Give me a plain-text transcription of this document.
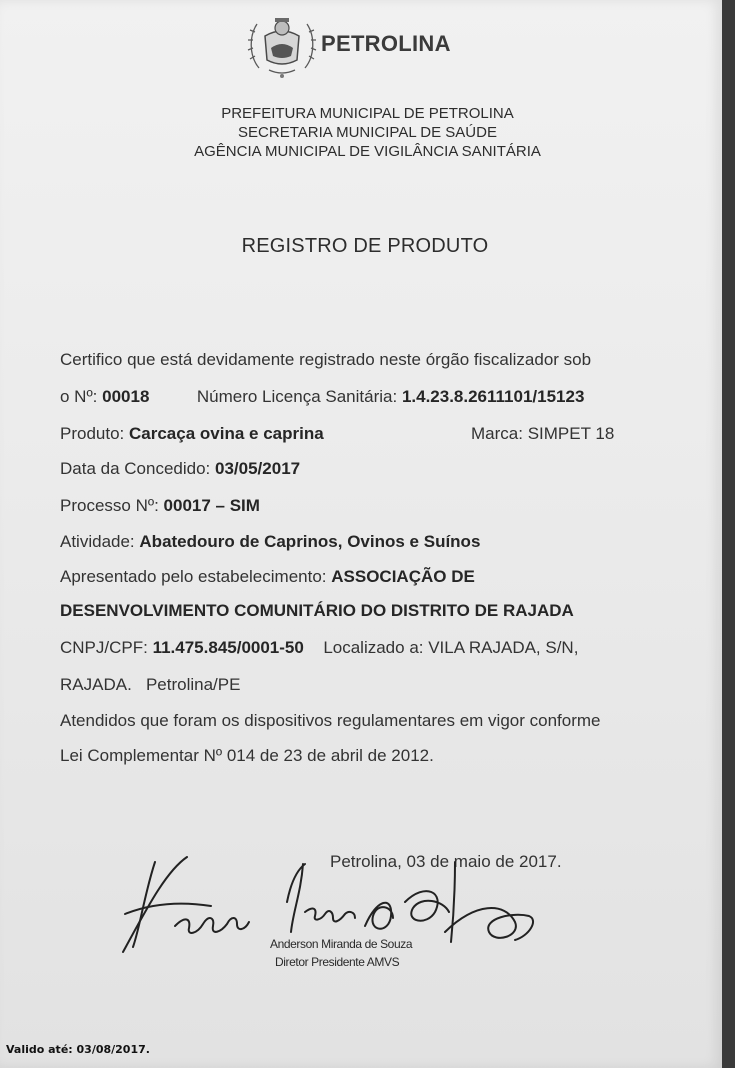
PETROLINA
PREFEITURA MUNICIPAL DE PETROLINA
SECRETARIA MUNICIPAL DE SAÚDE
AGÊNCIA MUNICIPAL DE VIGILÂNCIA SANITÁRIA
REGISTRO DE PRODUTO
Certifico que está devidamente registrado neste órgão fiscalizador sob
o Nº: 00018	Número Licença Sanitária: 1.4.23.8.2611101/15123
Produto: Carcaça ovina e caprina	Marca: SIMPET 18
Data da Concedido: 03/05/2017
Processo Nº: 00017 – SIM
Atividade: Abatedouro de Caprinos, Ovinos e Suínos
Apresentado pelo estabelecimento: ASSOCIAÇÃO DE
DESENVOLVIMENTO COMUNITÁRIO DO DISTRITO DE RAJADA
CNPJ/CPF: 11.475.845/0001-50 Localizado a: VILA RAJADA, S/N,
RAJADA.   Petrolina/PE
Atendidos que foram os dispositivos regulamentares em vigor conforme
Lei Complementar Nº 014 de 23 de abril de 2012.
Petrolina, 03 de maio de 2017.
Anderson Miranda de Souza
Diretor Presidente AMVS
Valido até: 03/08/2017.
